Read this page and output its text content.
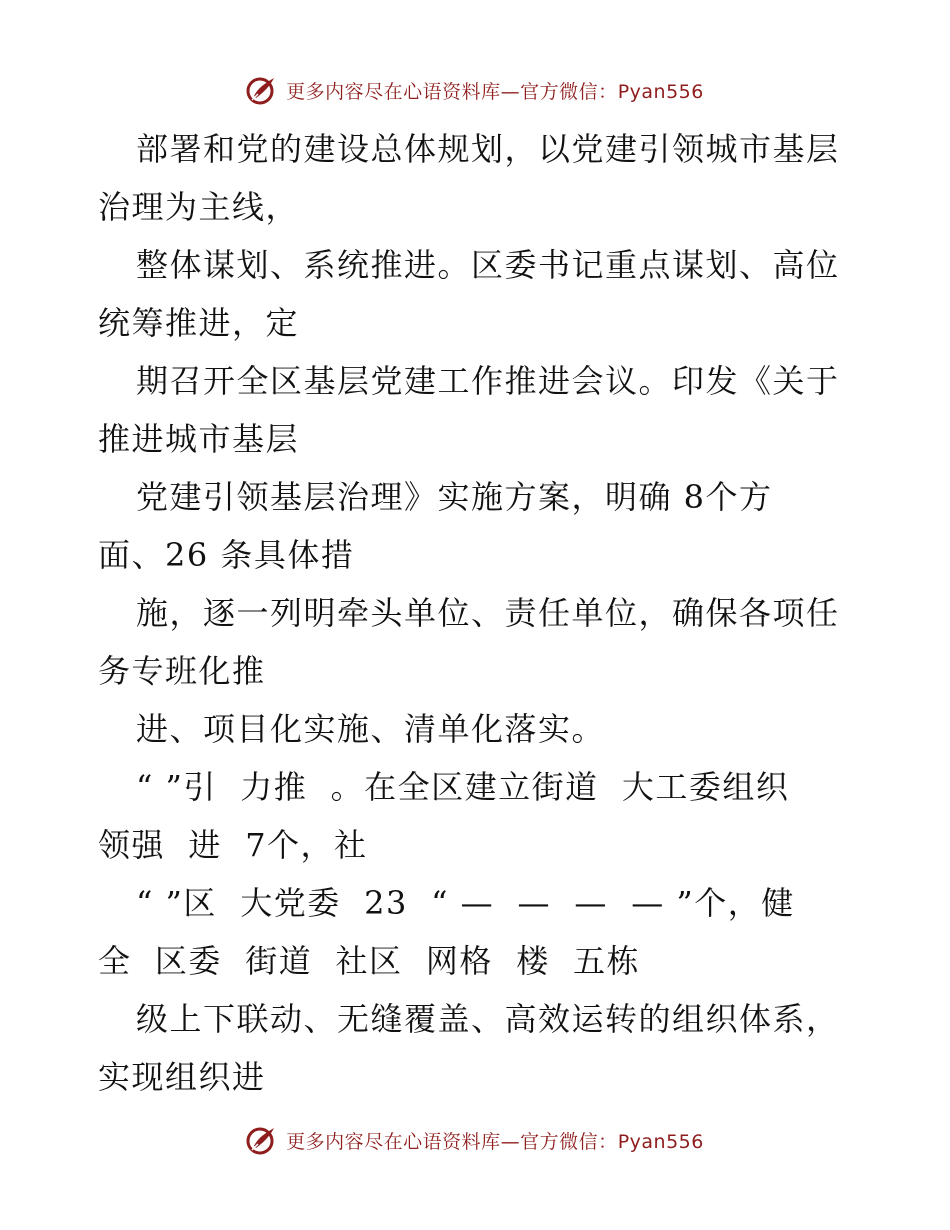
更多内容尽在心语资料库—官方微信：Pyan556
部署和党的建设总体规划，以党建引领城市基层
治理为主线，
整体谋划、系统推进。区委书记重点谋划、高位
统筹推进，定
期召开全区基层党建工作推进会议。印发《关于
推进城市基层
党建引领基层治理》实施方案，明确 8个方
面、26 条具体措
施，逐一列明牵头单位、责任单位，确保各项任
务专班化推
进、项目化实施、清单化落实。
“ ”引  力推  。在全区建立街道  大工委组织
领强  进  7个，社
“ ”区  大党委  23  “ —  —  —  — ”个，健
全  区委  街道  社区  网格  楼  五栋
级上下联动、无缝覆盖、高效运转的组织体系，
实现组织进
更多内容尽在心语资料库—官方微信：Pyan556
